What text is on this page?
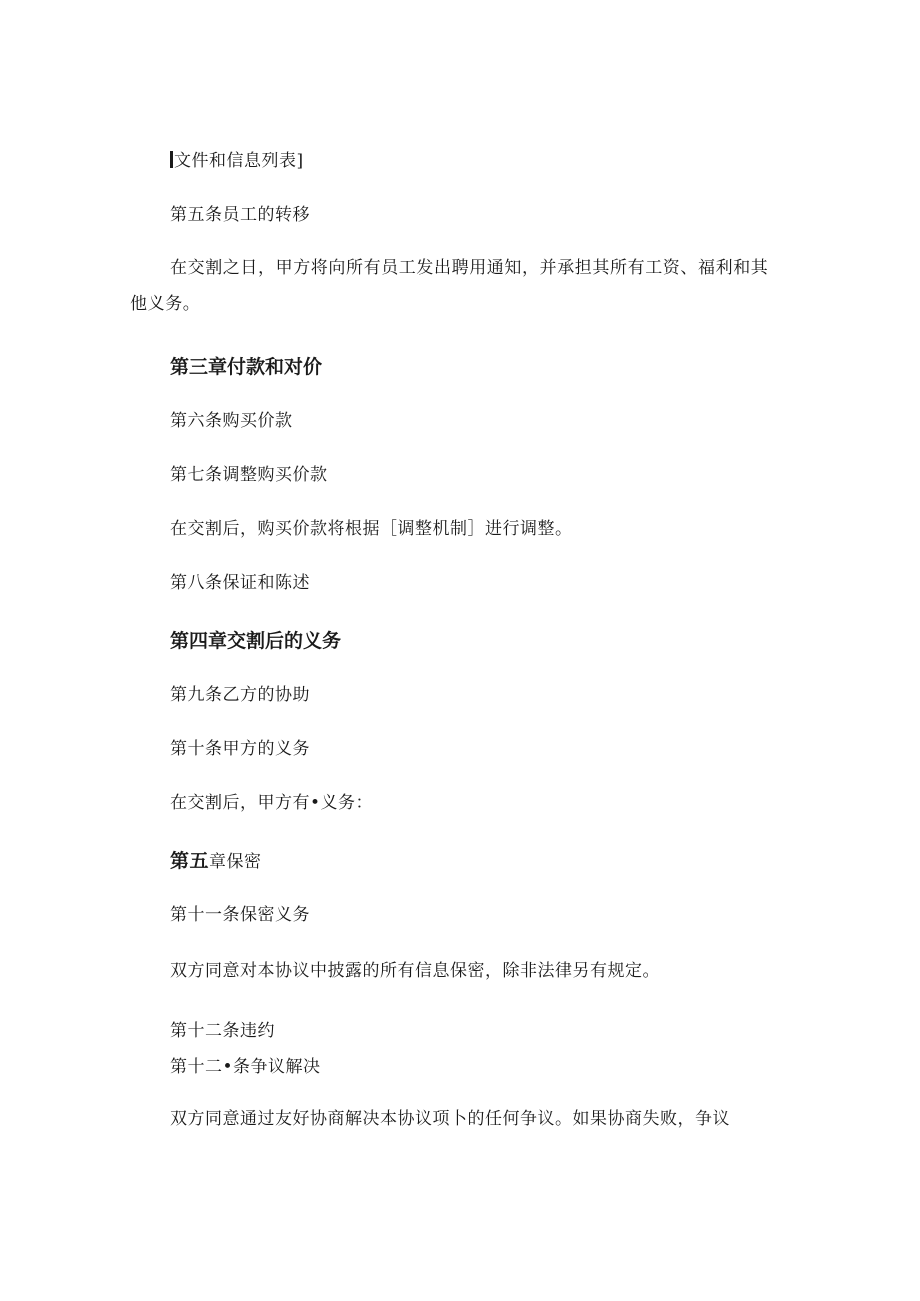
文件和信息列表]
第五条员工的转移
在交割之日，甲方将向所有员工发出聘用通知，并承担其所有工资、福利和其他义务。
第三章付款和对价
第六条购买价款
第七条调整购买价款
在交割后，购买价款将根据［调整机制］进行调整。
第八条保证和陈述
第四章交割后的义务
第九条乙方的协助
第十条甲方的义务
在交割后，甲方有•义务：
第五章保密
第十一条保密义务
双方同意对本协议中披露的所有信息保密，除非法律另有规定。
第十二条违约
第十二•条争议解决
双方同意通过友好协商解决本协议项卜的任何争议。如果协商失败，争议
